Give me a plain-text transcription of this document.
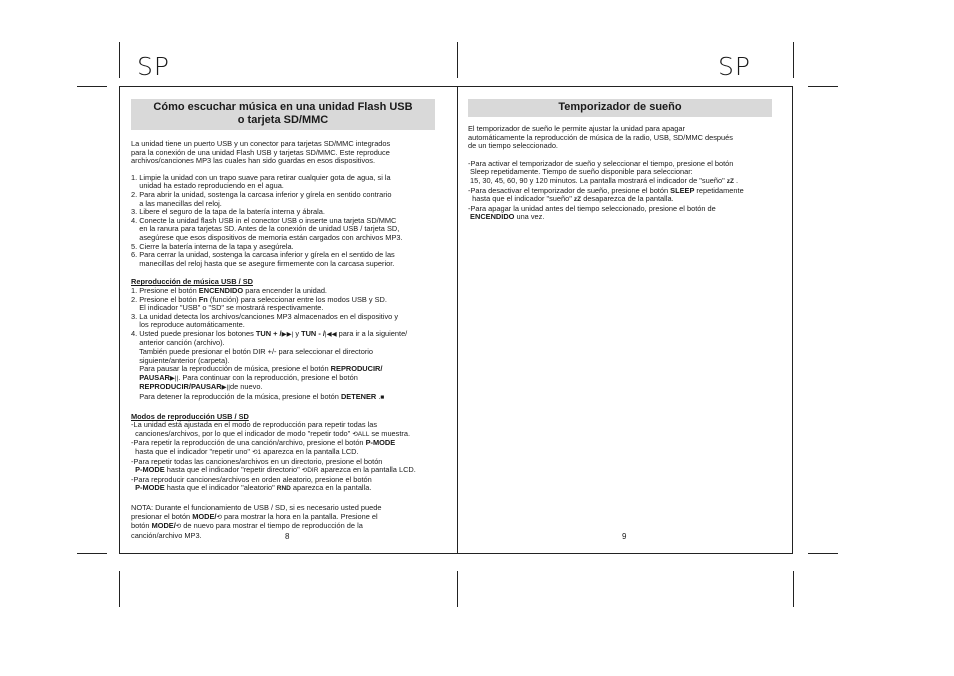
SP	SP
Cómo escuchar música en una unidad Flash USB
o tarjeta SD/MMC

La unidad tiene un puerto USB y un conector para tarjetas SD/MMC integrados

para la conexión de una unidad Flash USB y tarjetas SD/MMC. Este reproduce

archivos/canciones MP3 las cuales han sido guardas en esos dispositivos.

1. Limpie la unidad con un trapo suave para retirar cualquier gota de agua, si la

unidad ha estado reproduciendo en el agua.

2. Para abrir la unidad, sostenga la carcasa inferior y gírela en sentido contrario

a las manecillas del reloj.

3. Libere el seguro de la tapa de la batería interna y ábrala.

4. Conecte la unidad flash USB in el conector USB o inserte una tarjeta SD/MMC

en la ranura para tarjetas SD. Antes de la conexión de unidad USB / tarjeta SD,

asegúrese que esos dispositivos de memoria están cargados con archivos MP3.

5. Cierre la batería interna de la tapa y asegúrela.

6. Para cerrar la unidad, sostenga la carcasa inferior y gírela en el sentido de las

manecillas del reloj hasta que se asegure firmemente con la carcasa superior.

Reproducción de música USB / SD

1. Presione el botón ENCENDIDO para encender la unidad.

2. Presione el botón Fn (función) para seleccionar entre los modos USB y SD.

El indicador "USB" o "SD" se mostrará respectivamente.

3. La unidad detecta los archivos/canciones MP3 almacenados en el dispositivo y

los reproduce automáticamente.

4. Usted puede presionar los botones TUN + /▶▶| y TUN - /|◀◀ para ir a la siguiente/

anterior canción (archivo).

También puede presionar el botón DIR +/- para seleccionar el directorio

siguiente/anterior (carpeta).

Para pausar la reproducción de música, presione el botón REPRODUCIR/

PAUSAR▶||. Para continuar con la reproducción, presione el botón

REPRODUCIR/PAUSAR▶||de nuevo.

Para detener la reproducción de la música, presione el botón DETENER .■

Modos de reproducción USB / SD

-La unidad está ajustada en el modo de reproducción para repetir todas las

canciones/archivos, por lo que el indicador de modo "repetir todo" ⟲ALL se muestra.

-Para repetir la reproducción de una canción/archivo, presione el botón P-MODE

hasta que el indicador "repetir uno" ⟲1 aparezca en la pantalla LCD.

-Para repetir todas las canciones/archivos en un directorio, presione el botón

P-MODE hasta que el indicador "repetir directorio" ⟲DIR aparezca en la pantalla LCD.

-Para reproducir canciones/archivos en orden aleatorio, presione el botón

P-MODE hasta que el indicador "aleatorio" RND aparezca en la pantalla.

NOTA: Durante el funcionamiento de USB / SD, si es necesario usted puede

presionar el botón MODE/⟲ para mostrar la hora en la pantalla. Presione el

botón MODE/⟲ de nuevo para mostrar el tiempo de reproducción de la

canción/archivo MP3.	8
Temporizador de sueño

El temporizador de sueño le permite ajustar la unidad para apagar

automáticamente la reproducción de música de la radio, USB, SD/MMC después

de un tiempo seleccionado.

-Para activar el temporizador de sueño y seleccionar el tiempo, presione el botón

Sleep repetidamente. Tiempo de sueño disponible para seleccionar:

15, 30, 45, 60, 90 y 120 minutos. La pantalla mostrará el indicador de "sueño" zZ .

-Para desactivar el temporizador de sueño, presione el botón SLEEP repetidamente

hasta que el indicador "sueño" zZ desaparezca de la pantalla.

-Para apagar la unidad antes del tiempo seleccionado, presione el botón de

ENCENDIDO una vez.

9
